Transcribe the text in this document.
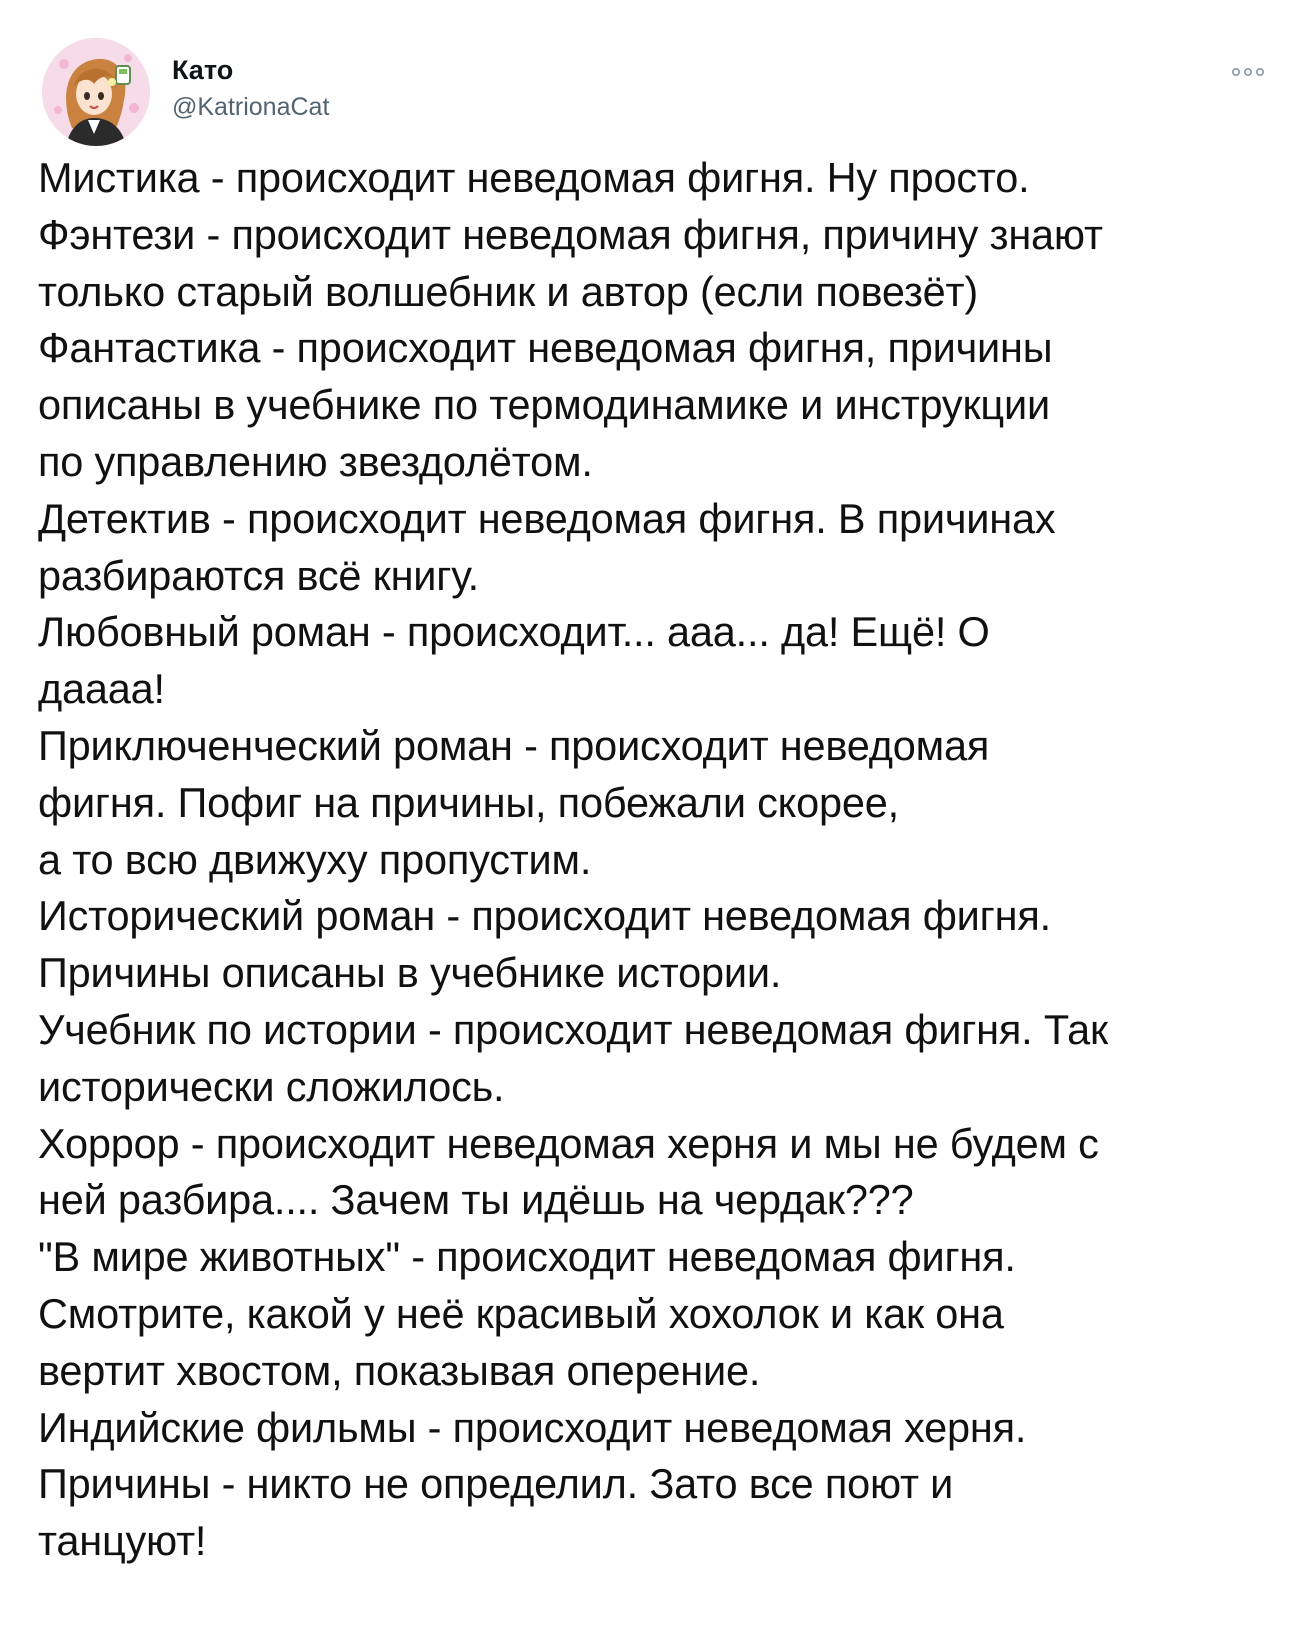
Като
@KatrionaCat
Мистика - происходит неведомая фигня. Ну просто.
Фэнтези - происходит неведомая фигня, причину знают
только старый волшебник и автор (если повезёт)
Фантастика - происходит неведомая фигня, причины
описаны в учебнике по термодинамике и инструкции
по управлению звездолётом.
Детектив - происходит неведомая фигня. В причинах
разбираются всё книгу.
Любовный роман - происходит... ааа... да! Ещё! О
даааа!
Приключенческий роман - происходит неведомая
фигня. Пофиг на причины, побежали скорее,
а то всю движуху пропустим.
Исторический роман - происходит неведомая фигня.
Причины описаны в учебнике истории.
Учебник по истории - происходит неведомая фигня. Так
исторически сложилось.
Хоррор - происходит неведомая херня и мы не будем с
ней разбира.... Зачем ты идёшь на чердак???
"В мире животных" - происходит неведомая фигня.
Смотрите, какой у неё красивый хохолок и как она
вертит хвостом, показывая оперение.
Индийские фильмы - происходит неведомая херня.
Причины - никто не определил. Зато все поют и
танцуют!
